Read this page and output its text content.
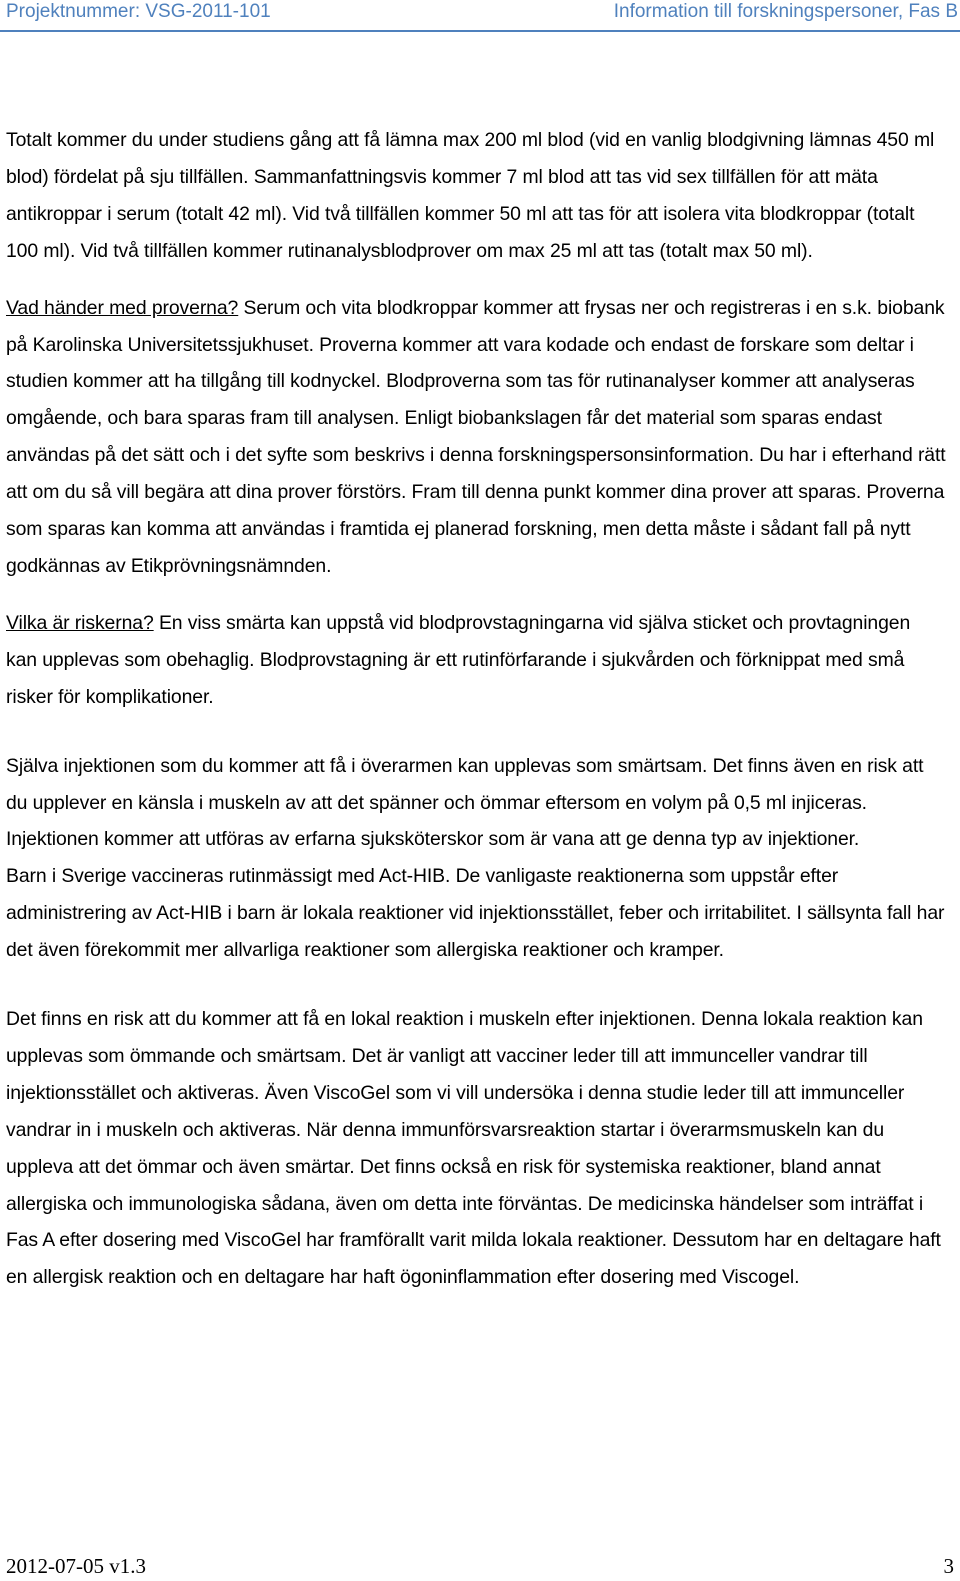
Projektnummer: VSG-2011-101	Information till forskningspersoner, Fas B

Totalt kommer du under studiens gång att få lämna max 200 ml blod (vid en vanlig blodgivning lämnas 450 ml blod) fördelat på sju tillfällen. Sammanfattningsvis kommer 7 ml blod att tas vid sex tillfällen för att mäta antikroppar i serum (totalt 42 ml). Vid två tillfällen kommer 50 ml att tas för att isolera vita blodkroppar (totalt 100 ml). Vid två tillfällen kommer rutinanalysblodprover om max 25 ml att tas (totalt max 50 ml).

Vad händer med proverna? Serum och vita blodkroppar kommer att frysas ner och registreras i en s.k. biobank på Karolinska Universitetssjukhuset. Proverna kommer att vara kodade och endast de forskare som deltar i studien kommer att ha tillgång till kodnyckel. Blodproverna som tas för rutinanalyser kommer att analyseras omgående, och bara sparas fram till analysen. Enligt biobankslagen får det material som sparas endast användas på det sätt och i det syfte som beskrivs i denna forskningspersonsinformation. Du har i efterhand rätt att om du så vill begära att dina prover förstörs. Fram till denna punkt kommer dina prover att sparas. Proverna som sparas kan komma att användas i framtida ej planerad forskning, men detta måste i sådant fall på nytt godkännas av Etikprövningsnämnden.

Vilka är riskerna? En viss smärta kan uppstå vid blodprovstagningarna vid själva sticket och provtagningen kan upplevas som obehaglig. Blodprovstagning är ett rutinförfarande i sjukvården och förknippat med små risker för komplikationer.

Själva injektionen som du kommer att få i överarmen kan upplevas som smärtsam. Det finns även en risk att du upplever en känsla i muskeln av att det spänner och ömmar eftersom en volym på 0,5 ml injiceras. Injektionen kommer att utföras av erfarna sjuksköterskor som är vana att ge denna typ av injektioner.

Barn i Sverige vaccineras rutinmässigt med Act-HIB. De vanligaste reaktionerna som uppstår efter administrering av Act-HIB i barn är lokala reaktioner vid injektionsstället, feber och irritabilitet. I sällsynta fall har det även förekommit mer allvarliga reaktioner som allergiska reaktioner och kramper.

Det finns en risk att du kommer att få en lokal reaktion i muskeln efter injektionen. Denna lokala reaktion kan upplevas som ömmande och smärtsam. Det är vanligt att vacciner leder till att immunceller vandrar till injektionsstället och aktiveras. Även ViscoGel som vi vill undersöka i denna studie leder till att immunceller vandrar in i muskeln och aktiveras. När denna immunförsvarsreaktion startar i överarmsmuskeln kan du uppleva att det ömmar och även smärtar. Det finns också en risk för systemiska reaktioner, bland annat allergiska och immunologiska sådana, även om detta inte förväntas. De medicinska händelser som inträffat i Fas A efter dosering med ViscoGel har framförallt varit milda lokala reaktioner. Dessutom har en deltagare haft en allergisk reaktion och en deltagare har haft ögoninflammation efter dosering med Viscogel.

2012-07-05 v1.3	3
